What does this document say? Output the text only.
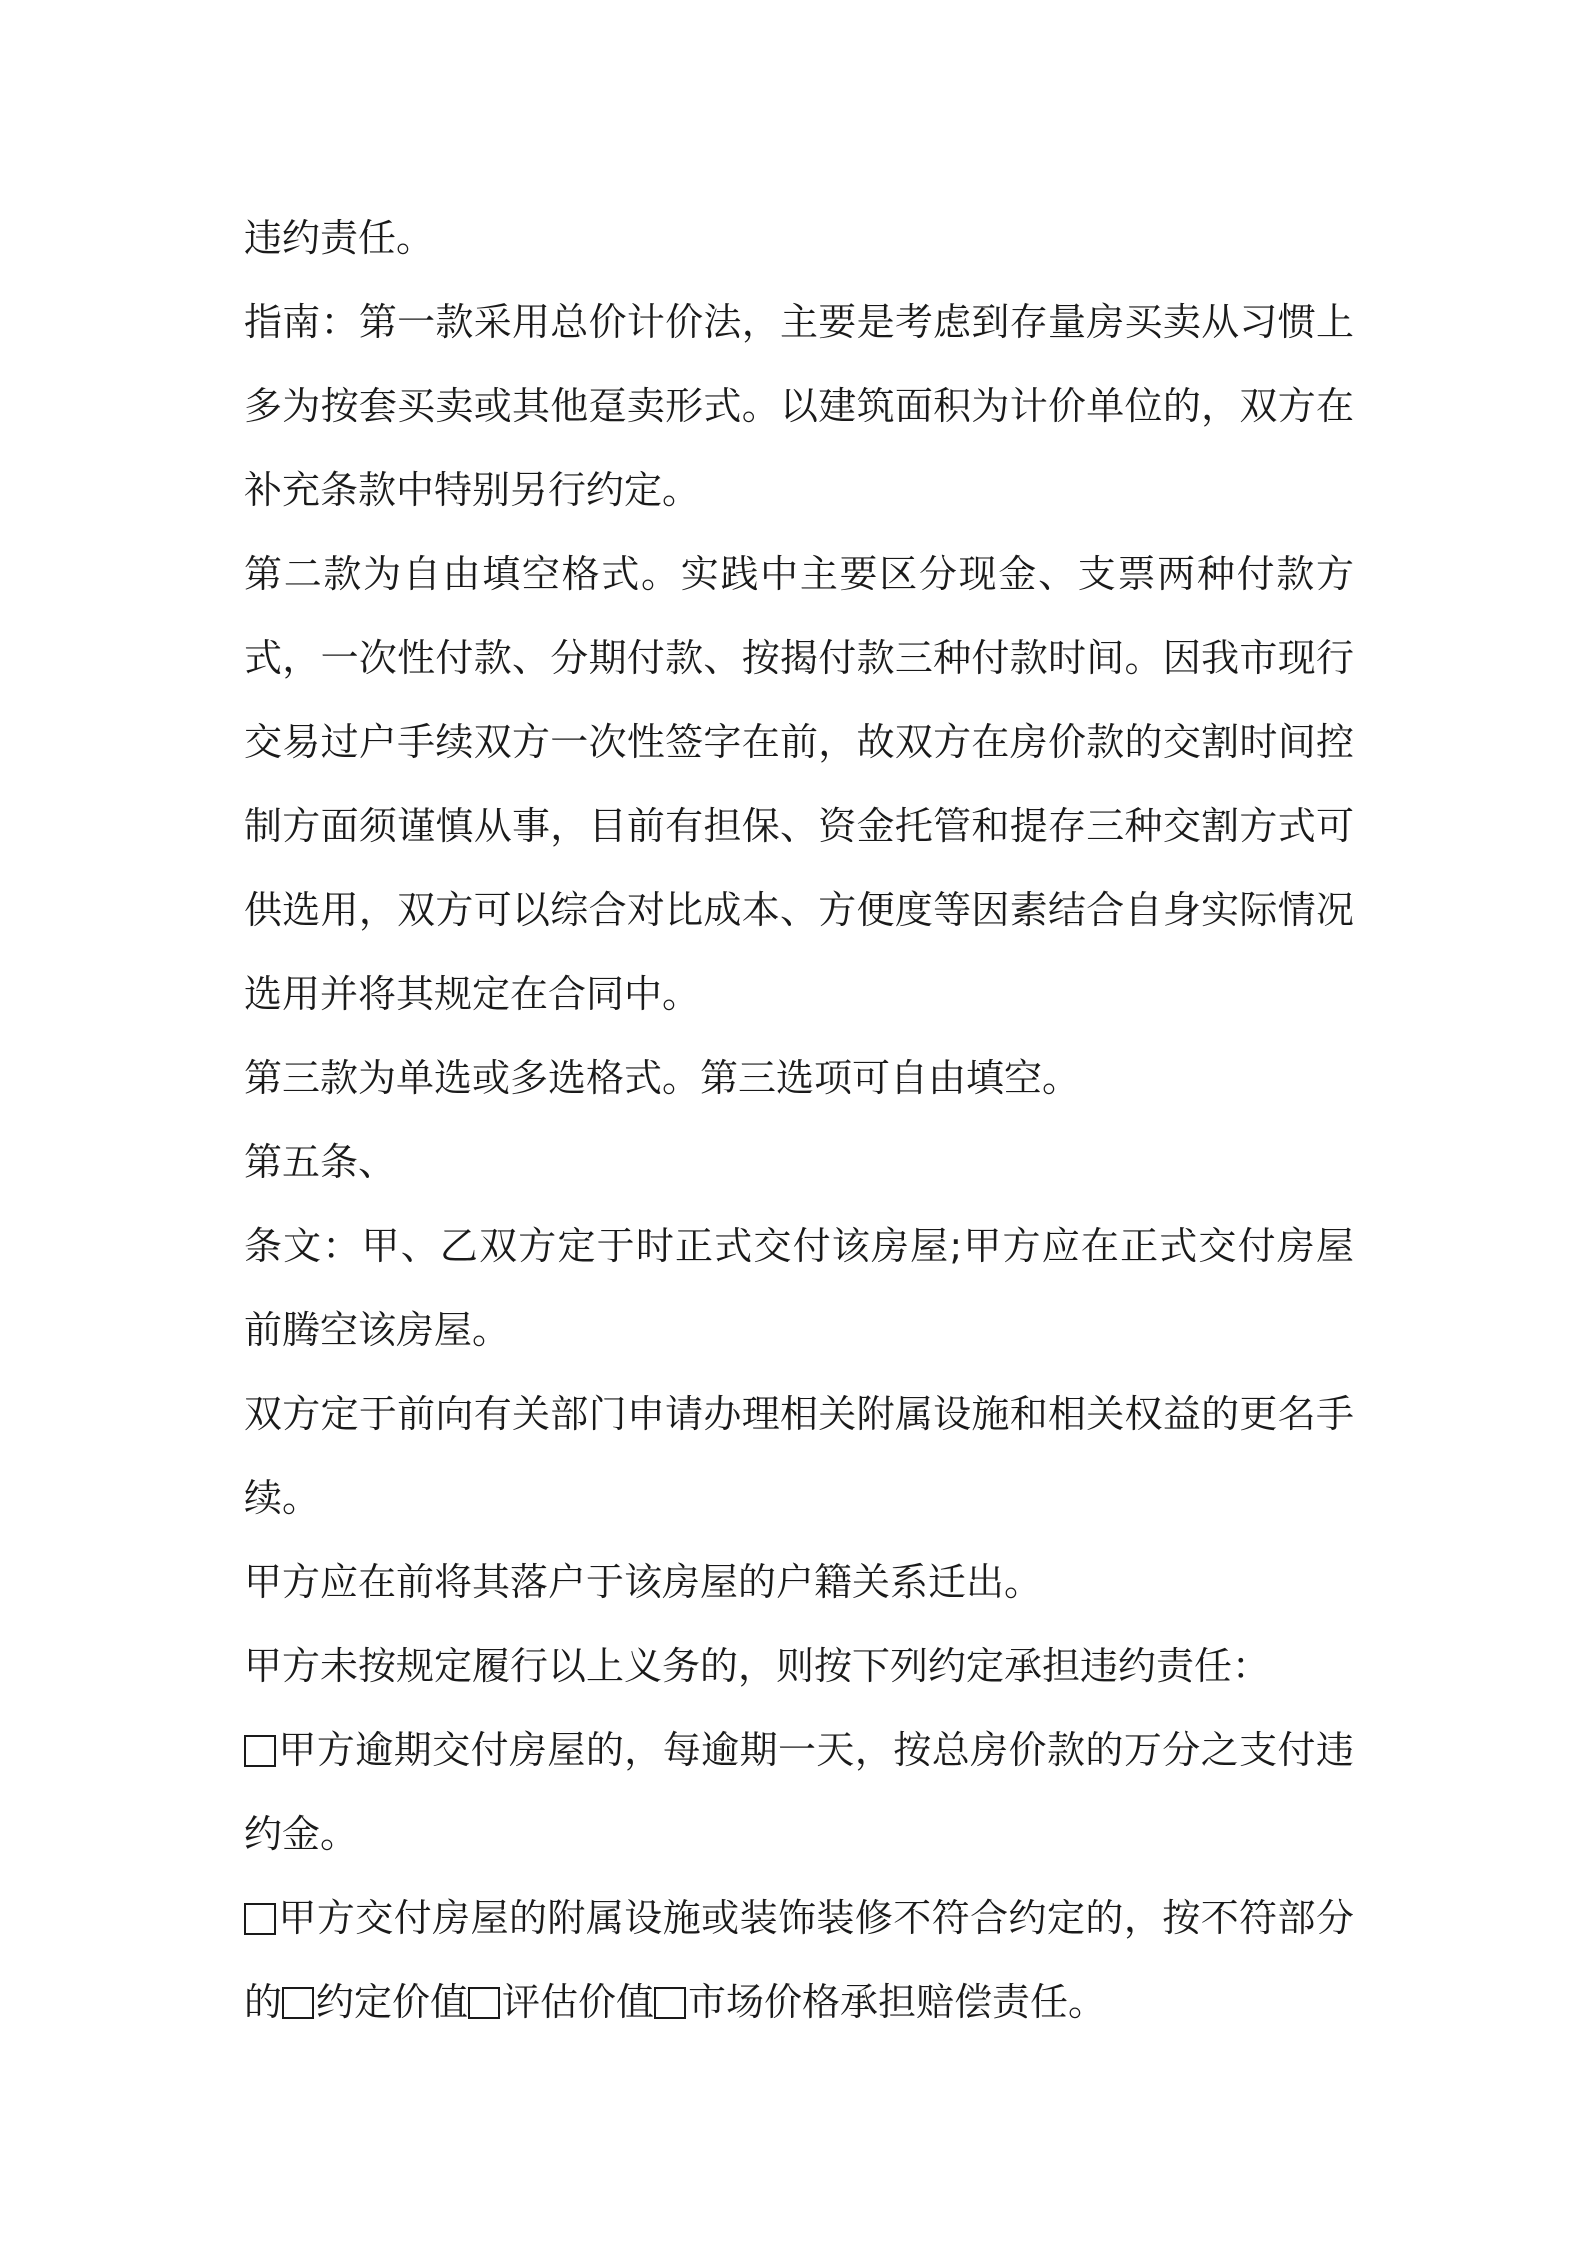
违约责任。

指南：第一款采用总价计价法，主要是考虑到存量房买卖从习惯上多为按套买卖或其他趸卖形式。以建筑面积为计价单位的，双方在补充条款中特别另行约定。

第二款为自由填空格式。实践中主要区分现金、支票两种付款方式，一次性付款、分期付款、按揭付款三种付款时间。因我市现行交易过户手续双方一次性签字在前，故双方在房价款的交割时间控制方面须谨慎从事，目前有担保、资金托管和提存三种交割方式可供选用，双方可以综合对比成本、方便度等因素结合自身实际情况选用并将其规定在合同中。

第三款为单选或多选格式。第三选项可自由填空。

第五条、

条文：甲、乙双方定于时正式交付该房屋;甲方应在正式交付房屋前腾空该房屋。

双方定于前向有关部门申请办理相关附属设施和相关权益的更名手续。

甲方应在前将其落户于该房屋的户籍关系迁出。

甲方未按规定履行以上义务的，则按下列约定承担违约责任：

甲方逾期交付房屋的，每逾期一天，按总房价款的万分之支付违约金。

甲方交付房屋的附属设施或装饰装修不符合约定的，按不符部分的 约定价值 评估价值 市场价格承担赔偿责任。
